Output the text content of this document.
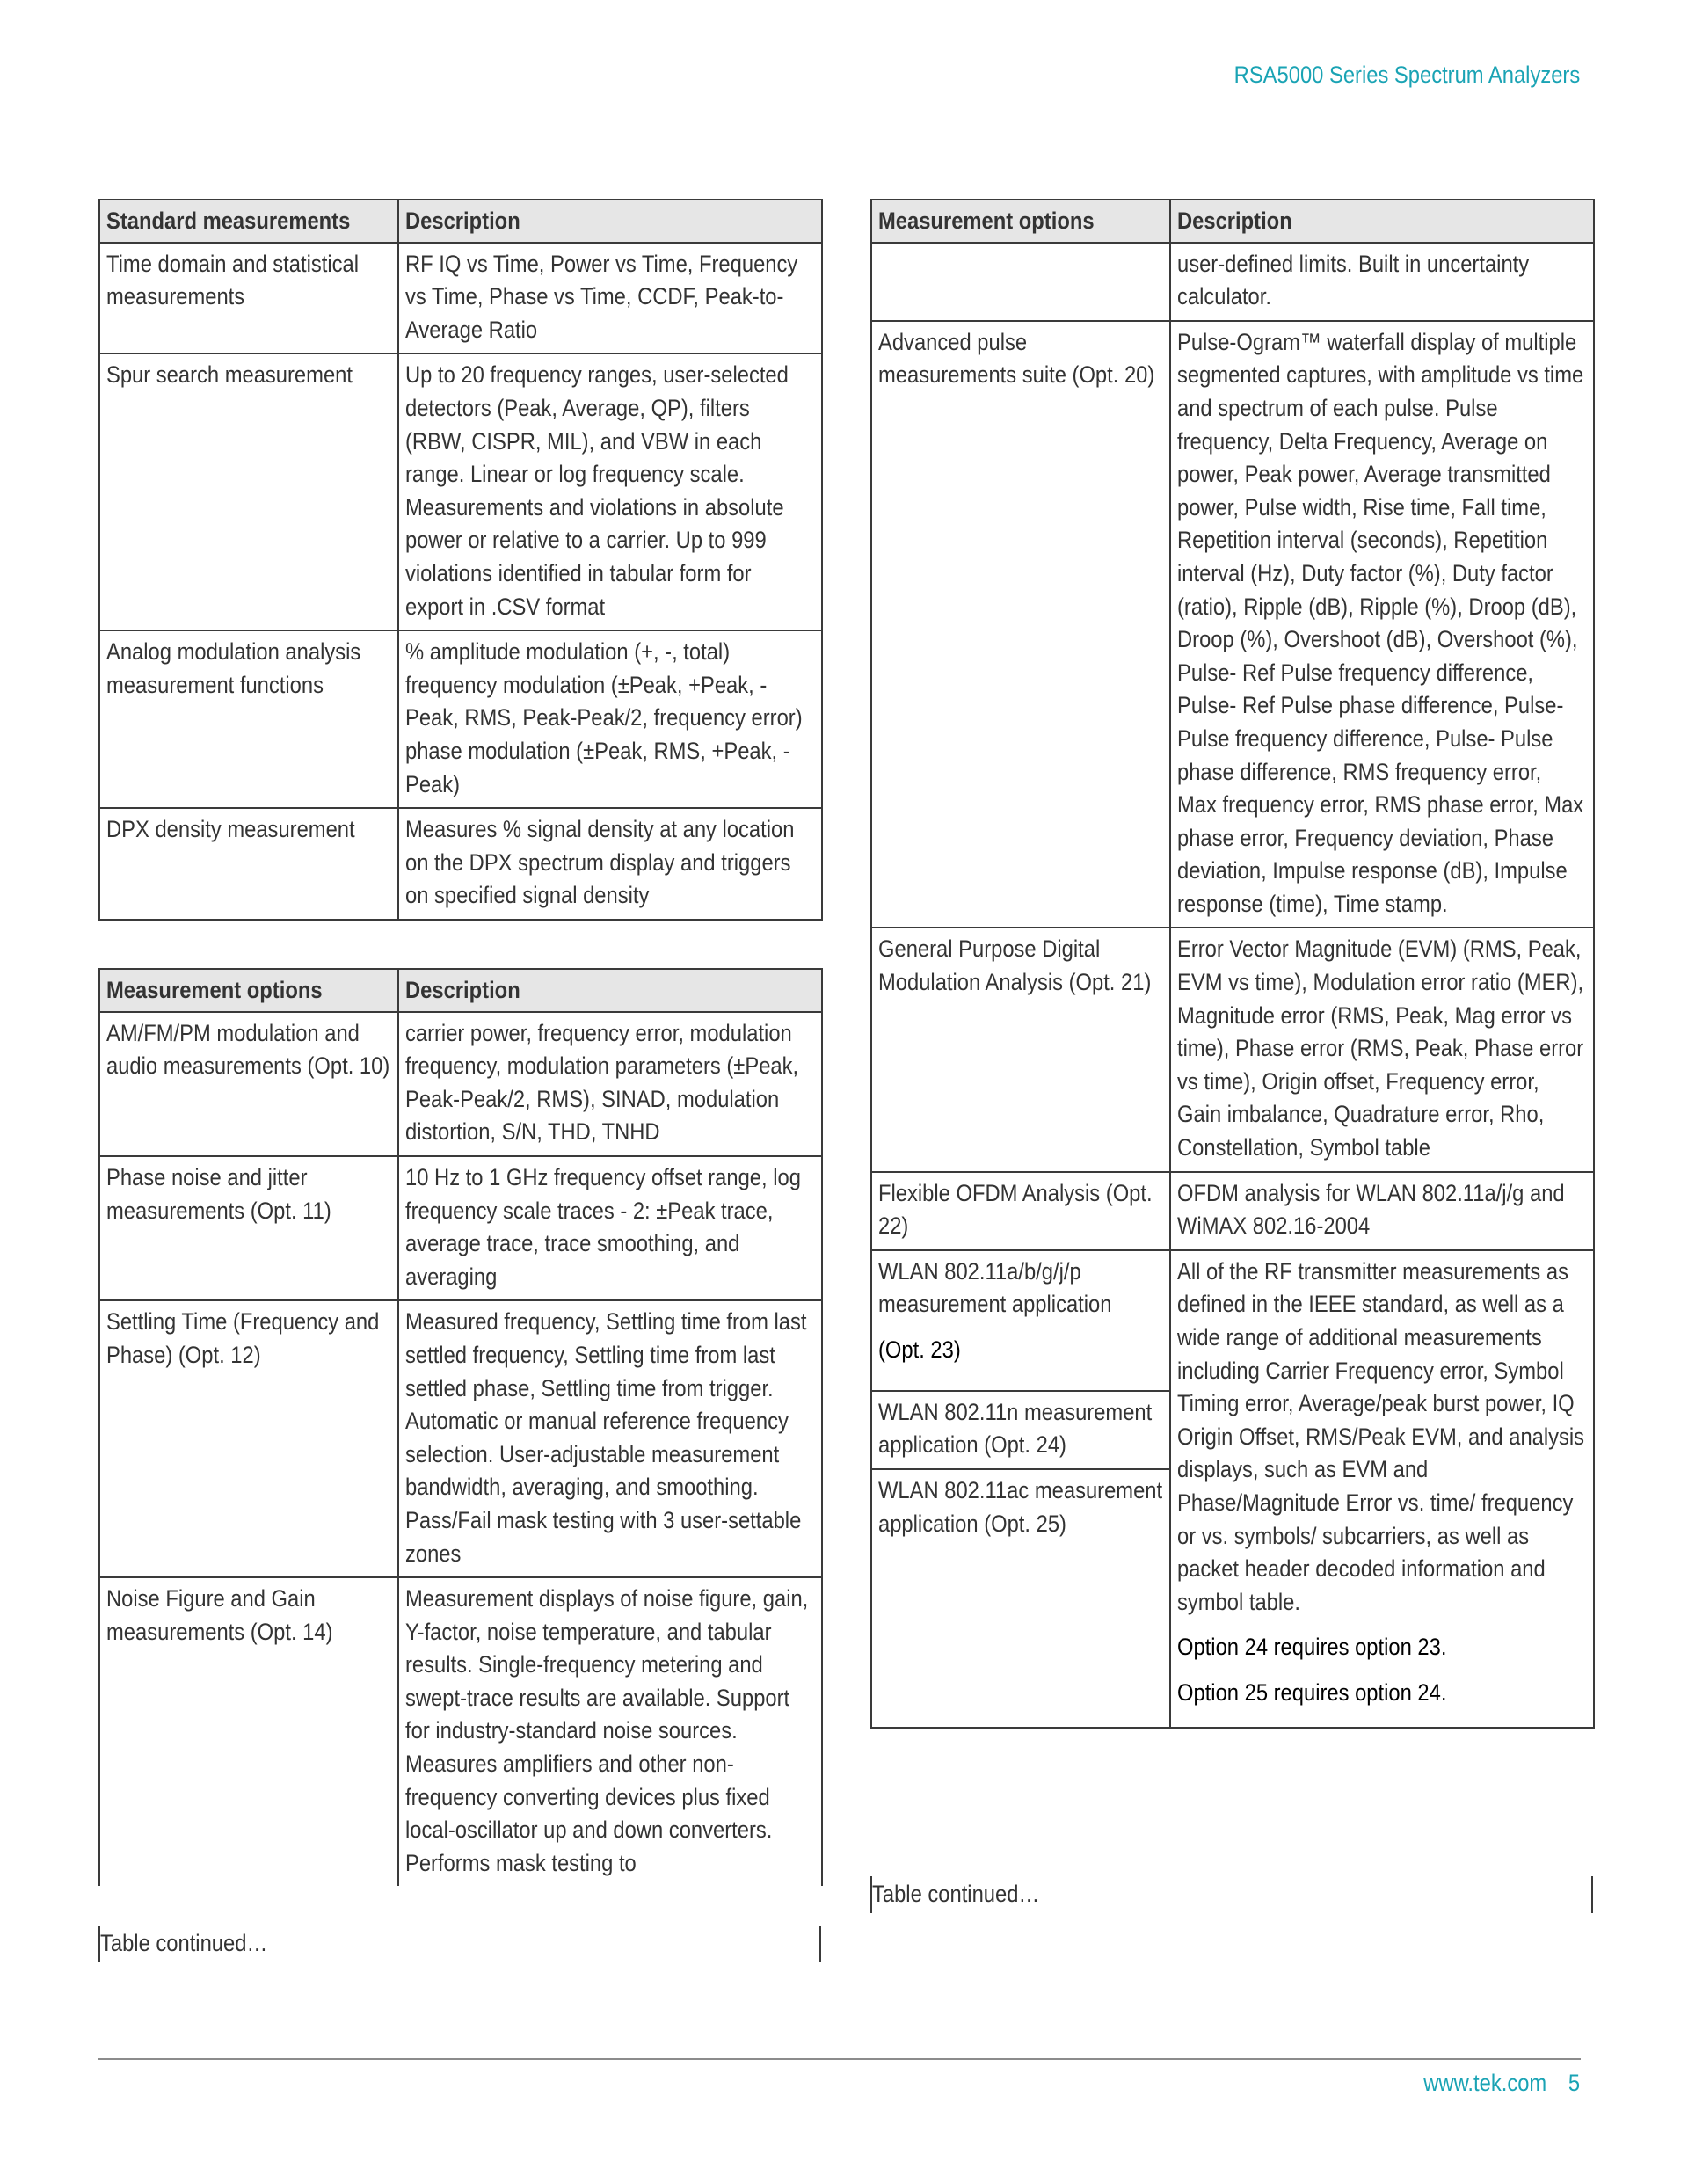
RSA5000 Series Spectrum Analyzers
Standard measurements	Description

Time domain and statistical measurements	RF IQ vs Time, Power vs Time, Frequency vs Time, Phase vs Time, CCDF, Peak-to-Average Ratio

Spur search measurement	Up to 20 frequency ranges, user-selected detectors (Peak, Average, QP), filters (RBW, CISPR, MIL), and VBW in each range. Linear or log frequency scale. Measurements and violations in absolute power or relative to a carrier. Up to 999 violations identified in tabular form for export in .CSV format

Analog modulation analysis measurement functions	% amplitude modulation (+, -, total) frequency modulation (±Peak, +Peak, -Peak, RMS, Peak-Peak/2, frequency error) phase modulation (±Peak, RMS, +Peak, -Peak)

DPX density measurement	Measures % signal density at any location on the DPX spectrum display and triggers on specified signal density
Measurement options	Description

AM/FM/PM modulation and audio measurements (Opt. 10)	carrier power, frequency error, modulation frequency, modulation parameters (±Peak, Peak-Peak/2, RMS), SINAD, modulation distortion, S/N, THD, TNHD

Phase noise and jitter measurements (Opt. 11)	10 Hz to 1 GHz frequency offset range, log frequency scale traces - 2: ±Peak trace, average trace, trace smoothing, and averaging

Settling Time (Frequency and Phase) (Opt. 12)	Measured frequency, Settling time from last settled frequency, Settling time from last settled phase, Settling time from trigger. Automatic or manual reference frequency selection. User-adjustable measurement bandwidth, averaging, and smoothing. Pass/Fail mask testing with 3 user-settable zones

Noise Figure and Gain measurements (Opt. 14)	Measurement displays of noise figure, gain, Y-factor, noise temperature, and tabular results. Single-frequency metering and swept-trace results are available. Support for industry-standard noise sources. Measures amplifiers and other non-frequency converting devices plus fixed local-oscillator up and down converters. Performs mask testing to
Table continued…
Measurement options	Description

	user-defined limits. Built in uncertainty calculator.

Advanced pulse measurements suite (Opt. 20)	Pulse-Ogram™ waterfall display of multiple segmented captures, with amplitude vs time and spectrum of each pulse. Pulse frequency, Delta Frequency, Average on power, Peak power, Average transmitted power, Pulse width, Rise time, Fall time, Repetition interval (seconds), Repetition interval (Hz), Duty factor (%), Duty factor (ratio), Ripple (dB), Ripple (%), Droop (dB), Droop (%), Overshoot (dB), Overshoot (%), Pulse- Ref Pulse frequency difference, Pulse- Ref Pulse phase difference, Pulse- Pulse frequency difference, Pulse- Pulse phase difference, RMS frequency error, Max frequency error, RMS phase error, Max phase error, Frequency deviation, Phase deviation, Impulse response (dB), Impulse response (time), Time stamp.

General Purpose Digital Modulation Analysis (Opt. 21)	Error Vector Magnitude (EVM) (RMS, Peak, EVM vs time), Modulation error ratio (MER), Magnitude error (RMS, Peak, Mag error vs time), Phase error (RMS, Peak, Phase error vs time), Origin offset, Frequency error, Gain imbalance, Quadrature error, Rho, Constellation, Symbol table

Flexible OFDM Analysis (Opt. 22)	OFDM analysis for WLAN 802.11a/j/g and WiMAX 802.16-2004

WLAN 802.11a/b/g/j/p measurement application
(Opt. 23)	All of the RF transmitter measurements as defined in the IEEE standard, as well as a wide range of additional measurements including Carrier Frequency error, Symbol Timing error, Average/peak burst power, IQ Origin Offset, RMS/Peak EVM, and analysis displays, such as EVM and Phase/Magnitude Error vs. time/ frequency or vs. symbols/ subcarriers, as well as packet header decoded information and symbol table.
Option 24 requires option 23.
Option 25 requires option 24.

WLAN 802.11n measurement application (Opt. 24)	

WLAN 802.11ac measurement application (Opt. 25)	
Table continued…
www.tek.com 5
